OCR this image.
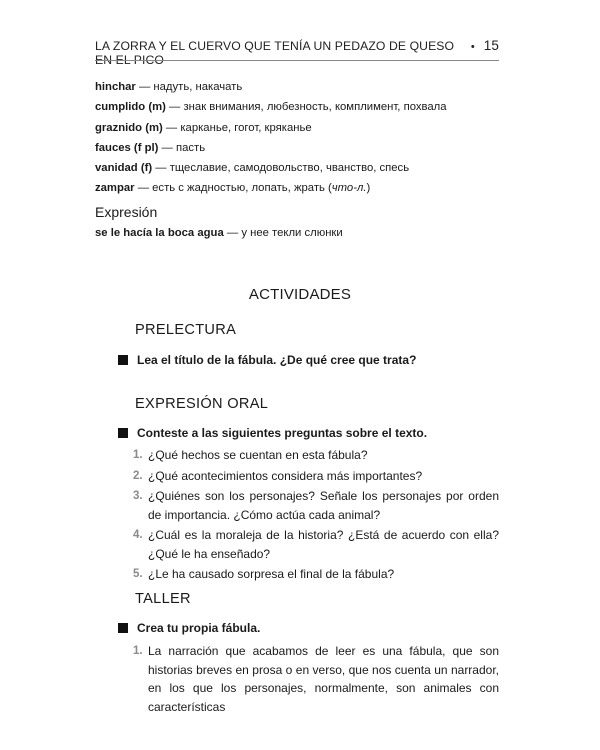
LA ZORRA Y EL CUERVO QUE TENÍA UN PEDAZO DE QUESO EN EL PICO
• 15
hinchar — надуть, накачать
cumplido (m) — знак внимания, любезность, комплимент, похвала
graznido (m) — карканье, гогот, кряканье
fauces (f pl) — пасть
vanidad (f) — тщеславие, самодовольство, чванство, спесь
zampar — есть с жадностью, лопать, жрать (что-л.)
Expresión
se le hacía la boca agua — у нее текли слюнки
ACTIVIDADES
PRELECTURA
Lea el título de la fábula. ¿De qué cree que trata?
EXPRESIÓN ORAL
Conteste a las siguientes preguntas sobre el texto.
1. ¿Qué hechos se cuentan en esta fábula?
2. ¿Qué acontecimientos considera más importantes?
3. ¿Quiénes son los personajes? Señale los personajes por orden de importancia. ¿Cómo actúa cada animal?
4. ¿Cuál es la moraleja de la historia? ¿Está de acuerdo con ella? ¿Qué le ha enseñado?
5. ¿Le ha causado sorpresa el final de la fábula?
TALLER
Crea tu propia fábula.
1. La narración que acabamos de leer es una fábula, que son historias breves en prosa o en verso, que nos cuenta un narrador, en los que los personajes, normalmente, son animales con características
